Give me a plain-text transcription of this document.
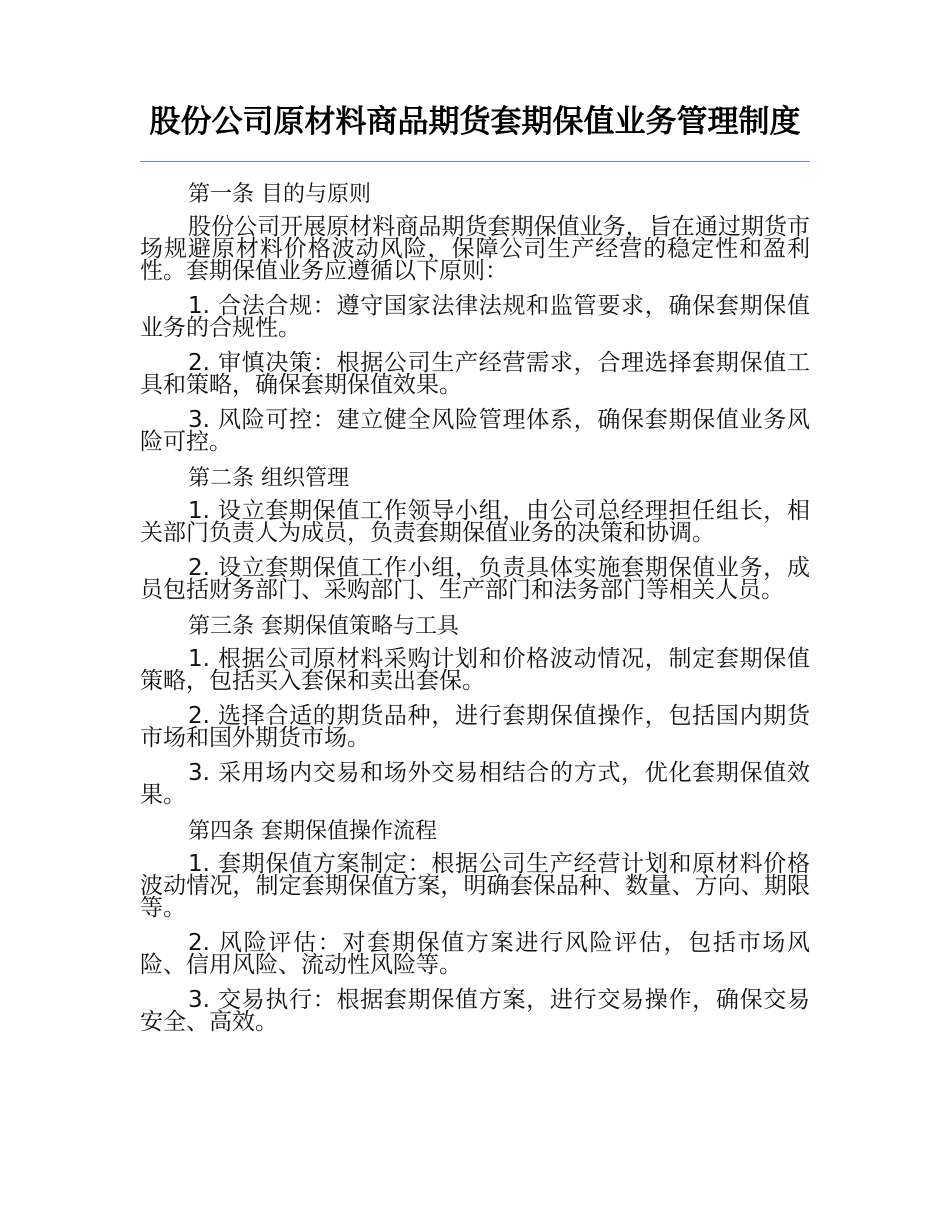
股份公司原材料商品期货套期保值业务管理制度

第一条 目的与原则

股份公司开展原材料商品期货套期保值业务，旨在通过期货市场规避原材料价格波动风险，保障公司生产经营的稳定性和盈利性。套期保值业务应遵循以下原则：

1. 合法合规：遵守国家法律法规和监管要求，确保套期保值业务的合规性。

2. 审慎决策：根据公司生产经营需求，合理选择套期保值工具和策略，确保套期保值效果。

3. 风险可控：建立健全风险管理体系，确保套期保值业务风险可控。

第二条 组织管理

1. 设立套期保值工作领导小组，由公司总经理担任组长，相关部门负责人为成员，负责套期保值业务的决策和协调。

2. 设立套期保值工作小组，负责具体实施套期保值业务，成员包括财务部门、采购部门、生产部门和法务部门等相关人员。

第三条 套期保值策略与工具

1. 根据公司原材料采购计划和价格波动情况，制定套期保值策略，包括买入套保和卖出套保。

2. 选择合适的期货品种，进行套期保值操作，包括国内期货市场和国外期货市场。

3. 采用场内交易和场外交易相结合的方式，优化套期保值效果。

第四条 套期保值操作流程

1. 套期保值方案制定：根据公司生产经营计划和原材料价格波动情况，制定套期保值方案，明确套保品种、数量、方向、期限等。

2. 风险评估：对套期保值方案进行风险评估，包括市场风险、信用风险、流动性风险等。

3. 交易执行：根据套期保值方案，进行交易操作，确保交易安全、高效。
